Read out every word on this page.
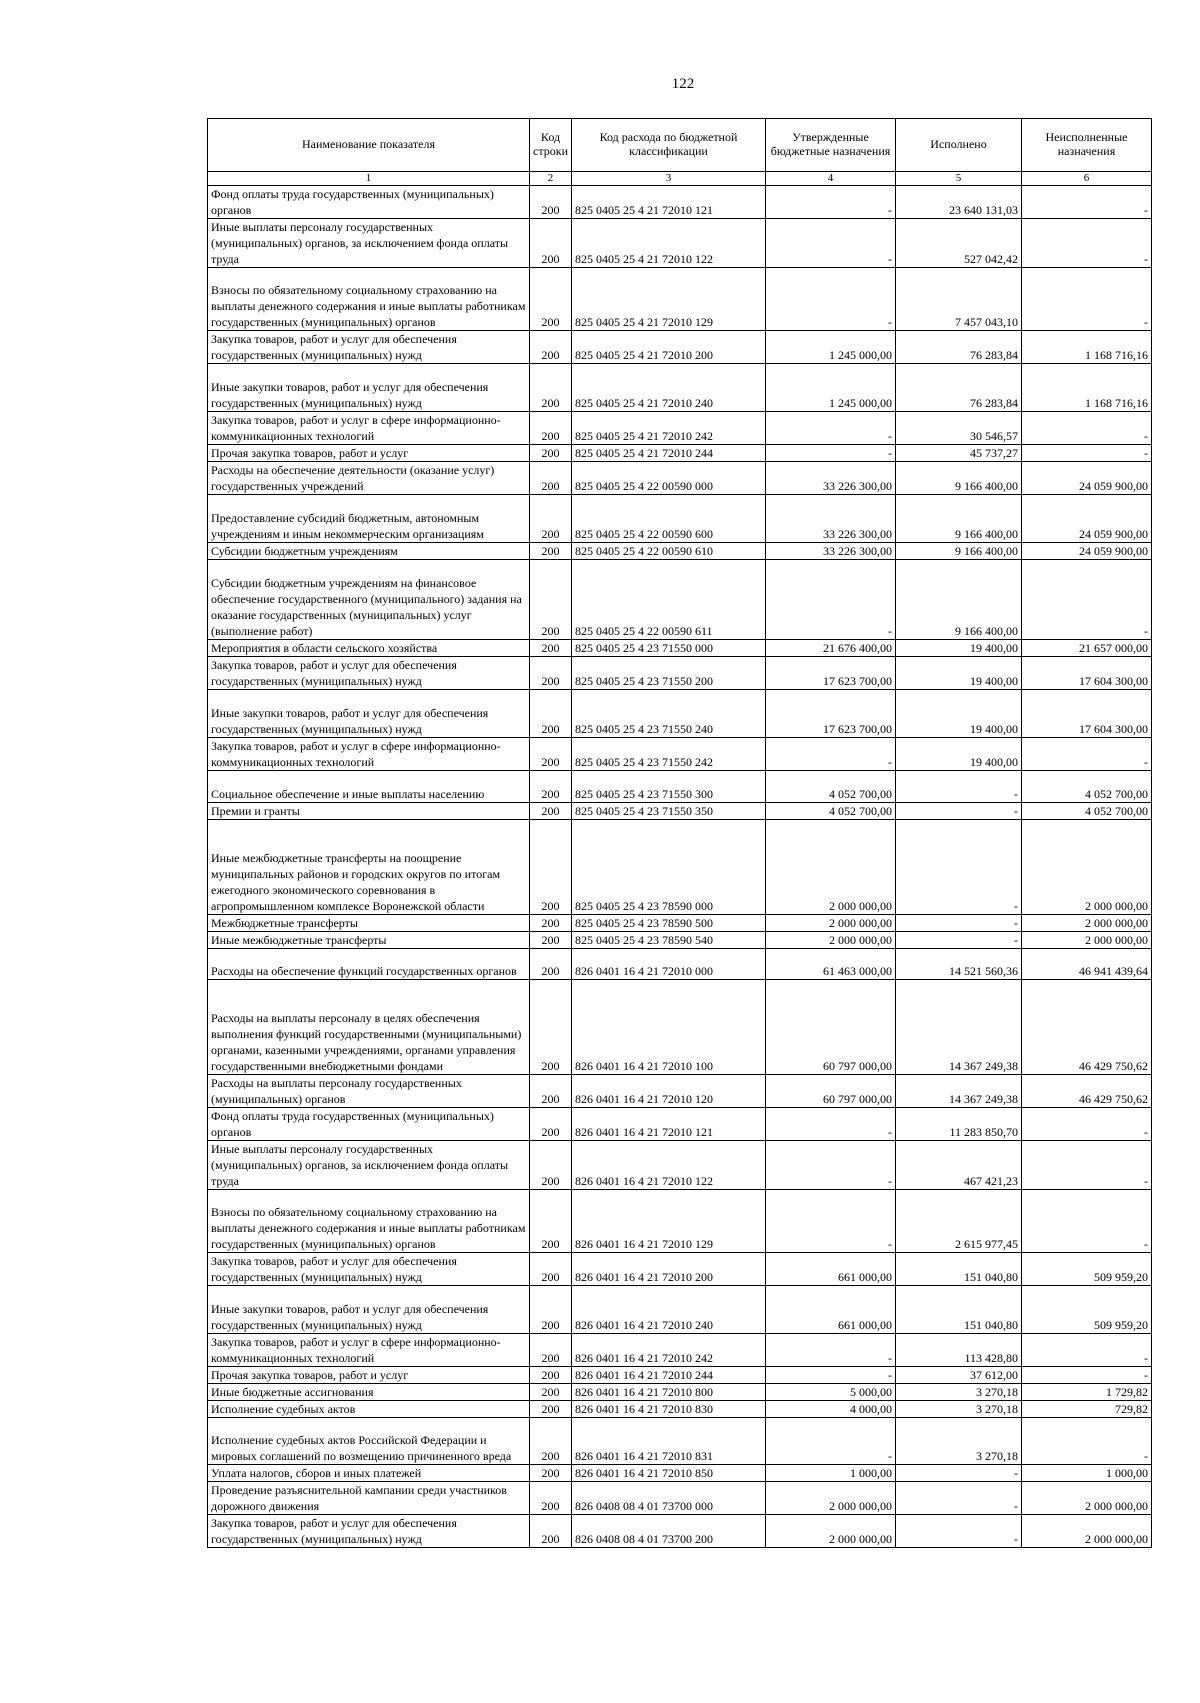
122
Наименование показателя	Код строки	Код расхода по бюджетной классификации	Утвержденные бюджетные назначения	Исполнено	Неисполненные назначения
1	2	3	4	5	6
Фонд оплаты труда государственных (муниципальных) органов	200	825 0405 25 4 21 72010 121	-	23 640 131,03	-
Иные выплаты персоналу государственных (муниципальных) органов, за исключением фонда оплаты труда	200	825 0405 25 4 21 72010 122	-	527 042,42	-
Взносы по обязательному социальному страхованию на выплаты денежного содержания и иные выплаты работникам государственных (муниципальных) органов	200	825 0405 25 4 21 72010 129	-	7 457 043,10	-
Закупка товаров, работ и услуг для обеспечения государственных (муниципальных) нужд	200	825 0405 25 4 21 72010 200	1 245 000,00	76 283,84	1 168 716,16
Иные закупки товаров, работ и услуг для обеспечения государственных (муниципальных) нужд	200	825 0405 25 4 21 72010 240	1 245 000,00	76 283,84	1 168 716,16
Закупка товаров, работ и услуг в сфере информационно-коммуникационных технологий	200	825 0405 25 4 21 72010 242	-	30 546,57	-
Прочая закупка товаров, работ и услуг	200	825 0405 25 4 21 72010 244	-	45 737,27	-
Расходы на обеспечение деятельности (оказание услуг) государственных учреждений	200	825 0405 25 4 22 00590 000	33 226 300,00	9 166 400,00	24 059 900,00
Предоставление субсидий бюджетным, автономным учреждениям и иным некоммерческим организациям	200	825 0405 25 4 22 00590 600	33 226 300,00	9 166 400,00	24 059 900,00
Субсидии бюджетным учреждениям	200	825 0405 25 4 22 00590 610	33 226 300,00	9 166 400,00	24 059 900,00
Субсидии бюджетным учреждениям на финансовое обеспечение государственного (муниципального) задания на оказание государственных (муниципальных) услуг (выполнение работ)	200	825 0405 25 4 22 00590 611	-	9 166 400,00	-
Мероприятия в области сельского хозяйства	200	825 0405 25 4 23 71550 000	21 676 400,00	19 400,00	21 657 000,00
Закупка товаров, работ и услуг для обеспечения государственных (муниципальных) нужд	200	825 0405 25 4 23 71550 200	17 623 700,00	19 400,00	17 604 300,00
Иные закупки товаров, работ и услуг для обеспечения государственных (муниципальных) нужд	200	825 0405 25 4 23 71550 240	17 623 700,00	19 400,00	17 604 300,00
Закупка товаров, работ и услуг в сфере информационно-коммуникационных технологий	200	825 0405 25 4 23 71550 242	-	19 400,00	-
Социальное обеспечение и иные выплаты населению	200	825 0405 25 4 23 71550 300	4 052 700,00	-	4 052 700,00
Премии и гранты	200	825 0405 25 4 23 71550 350	4 052 700,00	-	4 052 700,00
Иные межбюджетные трансферты на поощрение муниципальных районов и городских округов по итогам ежегодного экономического соревнования в агропромышленном комплексе Воронежской области	200	825 0405 25 4 23 78590 000	2 000 000,00	-	2 000 000,00
Межбюджетные трансферты	200	825 0405 25 4 23 78590 500	2 000 000,00	-	2 000 000,00
Иные межбюджетные трансферты	200	825 0405 25 4 23 78590 540	2 000 000,00	-	2 000 000,00
Расходы на обеспечение функций государственных органов	200	826 0401 16 4 21 72010 000	61 463 000,00	14 521 560,36	46 941 439,64
Расходы на выплаты персоналу в целях обеспечения выполнения функций государственными (муниципальными) органами, казенными учреждениями, органами управления государственными внебюджетными фондами	200	826 0401 16 4 21 72010 100	60 797 000,00	14 367 249,38	46 429 750,62
Расходы на выплаты персоналу государственных (муниципальных) органов	200	826 0401 16 4 21 72010 120	60 797 000,00	14 367 249,38	46 429 750,62
Фонд оплаты труда государственных (муниципальных) органов	200	826 0401 16 4 21 72010 121	-	11 283 850,70	-
Иные выплаты персоналу государственных (муниципальных) органов, за исключением фонда оплаты труда	200	826 0401 16 4 21 72010 122	-	467 421,23	-
Взносы по обязательному социальному страхованию на выплаты денежного содержания и иные выплаты работникам государственных (муниципальных) органов	200	826 0401 16 4 21 72010 129	-	2 615 977,45	-
Закупка товаров, работ и услуг для обеспечения государственных (муниципальных) нужд	200	826 0401 16 4 21 72010 200	661 000,00	151 040,80	509 959,20
Иные закупки товаров, работ и услуг для обеспечения государственных (муниципальных) нужд	200	826 0401 16 4 21 72010 240	661 000,00	151 040,80	509 959,20
Закупка товаров, работ и услуг в сфере информационно-коммуникационных технологий	200	826 0401 16 4 21 72010 242	-	113 428,80	-
Прочая закупка товаров, работ и услуг	200	826 0401 16 4 21 72010 244	-	37 612,00	-
Иные бюджетные ассигнования	200	826 0401 16 4 21 72010 800	5 000,00	3 270,18	1 729,82
Исполнение судебных актов	200	826 0401 16 4 21 72010 830	4 000,00	3 270,18	729,82
Исполнение судебных актов Российской Федерации и мировых соглашений по возмещению причиненного вреда	200	826 0401 16 4 21 72010 831	-	3 270,18	-
Уплата налогов, сборов и иных платежей	200	826 0401 16 4 21 72010 850	1 000,00	-	1 000,00
Проведение разъяснительной кампании среди участников дорожного движения	200	826 0408 08 4 01 73700 000	2 000 000,00	-	2 000 000,00
Закупка товаров, работ и услуг для обеспечения государственных (муниципальных) нужд	200	826 0408 08 4 01 73700 200	2 000 000,00	-	2 000 000,00
